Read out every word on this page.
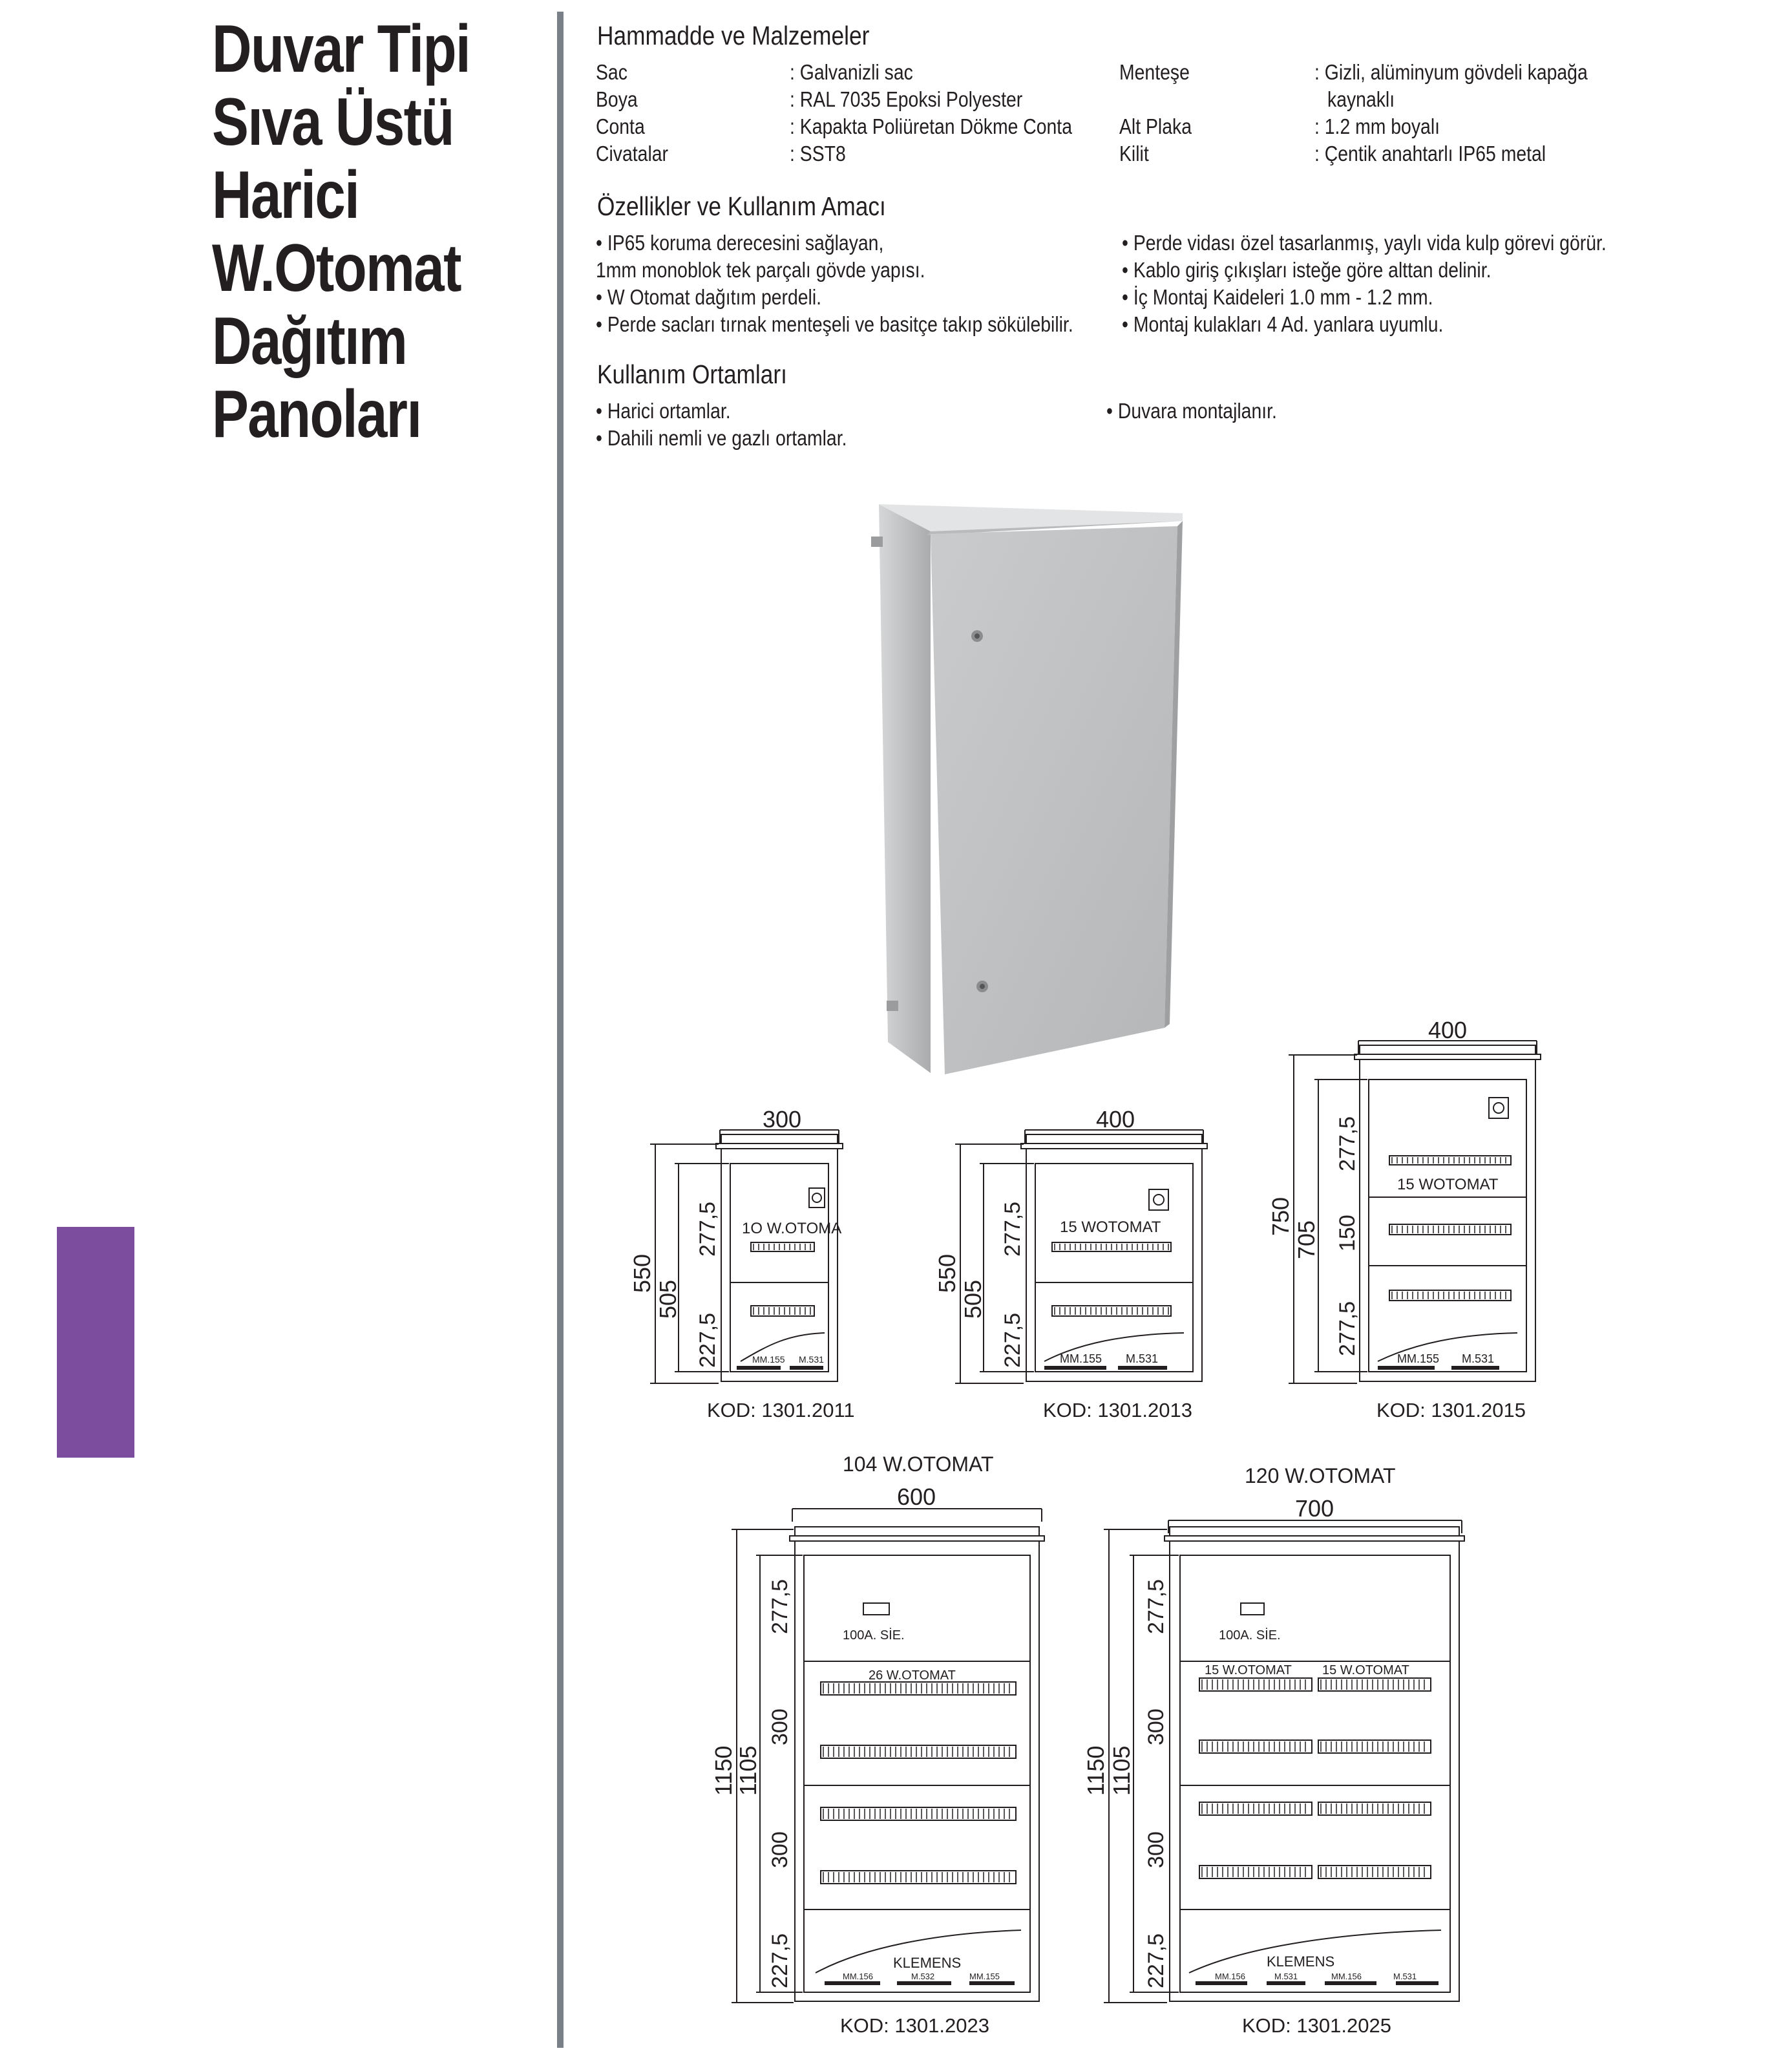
Duvar Tipi
Sıva Üstü
Harici
W.Otomat
Dağıtım
Panoları
Hammadde ve Malzemeler
Sac	: Galvanizli sac
Boya	: RAL 7035 Epoksi Polyester
Conta	: Kapakta Poliüretan Dökme Conta
Civatalar	: SST8
Menteşe	: Gizli, alüminyum gövdeli kapağa
kaynaklı
Alt Plaka	: 1.2 mm boyalı
Kilit	: Çentik anahtarlı IP65 metal
Özellikler ve Kullanım Amacı
• IP65 koruma derecesini sağlayan,
1mm monoblok tek parçalı gövde yapısı.
• W Otomat dağıtım perdeli.
• Perde sacları tırnak menteşeli ve basitçe takıp sökülebilir.
• Perde vidası özel tasarlanmış, yaylı vida kulp görevi görür.
• Kablo giriş çıkışları isteğe göre alttan delinir.
• İç Montaj Kaideleri 1.0 mm - 1.2 mm.
• Montaj kulakları 4 Ad. yanlara uyumlu.
Kullanım Ortamları
• Harici ortamlar.
• Dahili nemli ve gazlı ortamlar.
• Duvara montajlanır.
300
550
505
277,5
227,5
1O W.OTOMA
MM.155 M.531
KOD: 1301.2011
400
550
505
277,5
227,5
15 WOTOMAT
MM.155 M.531
KOD: 1301.2013
400
750
705
277,5
150
277,5
15 WOTOMAT
MM.155 M.531
KOD: 1301.2015
104 W.OTOMAT
600
1150
1105
277,5
300
300
227,5
100A. SİE.
26 W.OTOMAT
KLEMENS
MM.156	M.532	MM.155
KOD: 1301.2023
120 W.OTOMAT
700
1150 1105
277,5
300
300
227,5
100A. SİE.
15 W.OTOMAT 15 W.OTOMAT
KLEMENS
MM.156	M.531	MM.156	M.531
KOD: 1301.2025
